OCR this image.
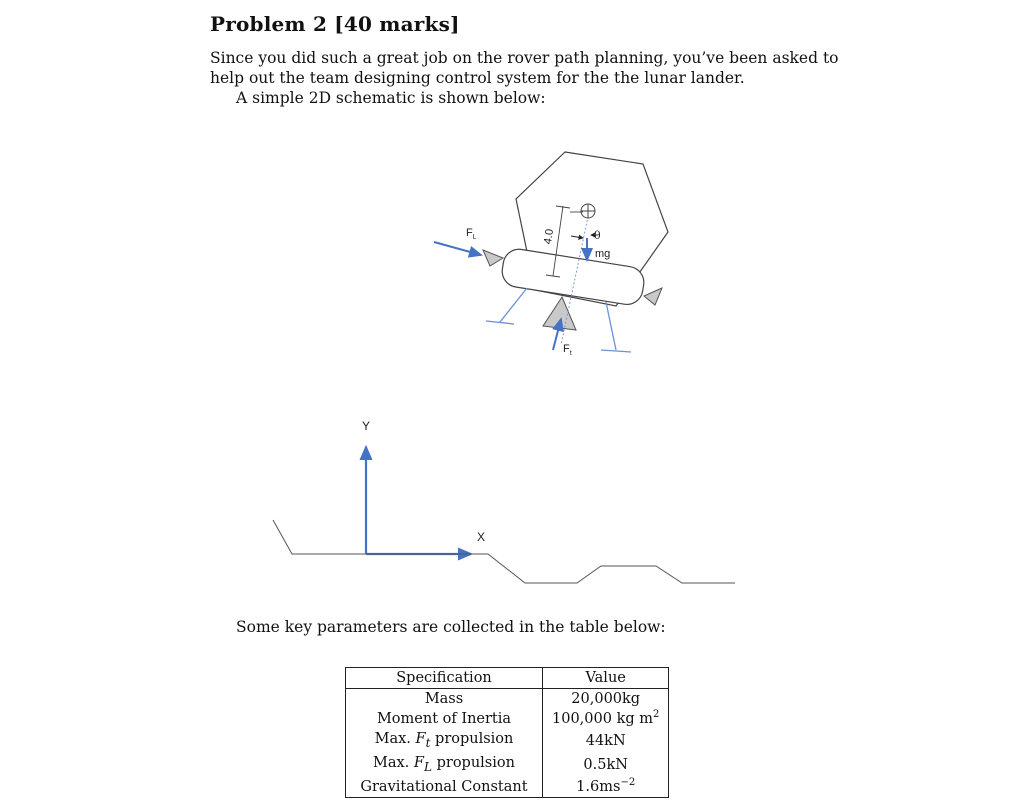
Problem 2 [40 marks]
Since you did such a great job on the rover path planning, you’ve been asked to
help out the team designing control system for the the lunar lander.
A simple 2D schematic is shown below:
4.0	θ
mg
$F_L$
$F_t$
Y
X
Some key parameters are collected in the table below:
Specification	Value
Mass	20,000kg
Moment of Inertia	100,000 kg $m^2$
Max. $F_t$ propulsion	44kN
Max. $F_L$ propulsion	0.5kN
Gravitational Constant	$1.6ms^{-2}$
